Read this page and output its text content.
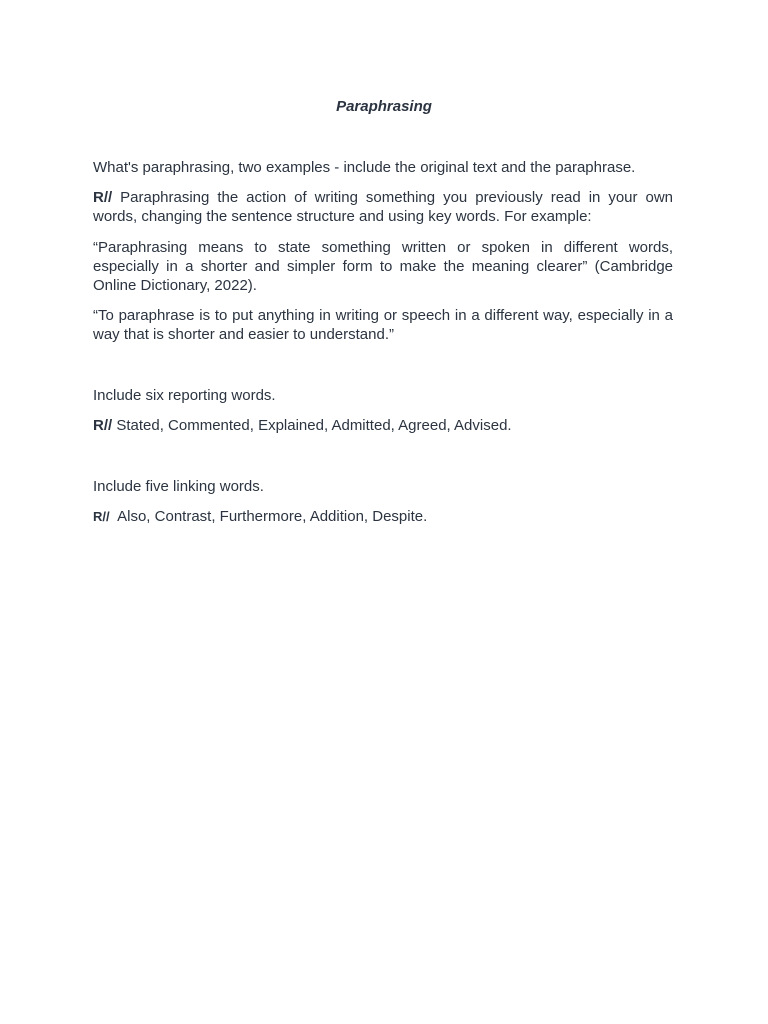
Paraphrasing
What's paraphrasing, two examples - include the original text and the paraphrase.
R// Paraphrasing the action of writing something you previously read in your own words, changing the sentence structure and using key words. For example:
“Paraphrasing means to state something written or spoken in different words, especially in a shorter and simpler form to make the meaning clearer” (Cambridge Online Dictionary, 2022).
“To paraphrase is to put anything in writing or speech in a different way, especially in a way that is shorter and easier to understand.”
Include six reporting words.
R// Stated, Commented, Explained, Admitted, Agreed, Advised.
Include five linking words.
R//  Also, Contrast, Furthermore, Addition, Despite.
